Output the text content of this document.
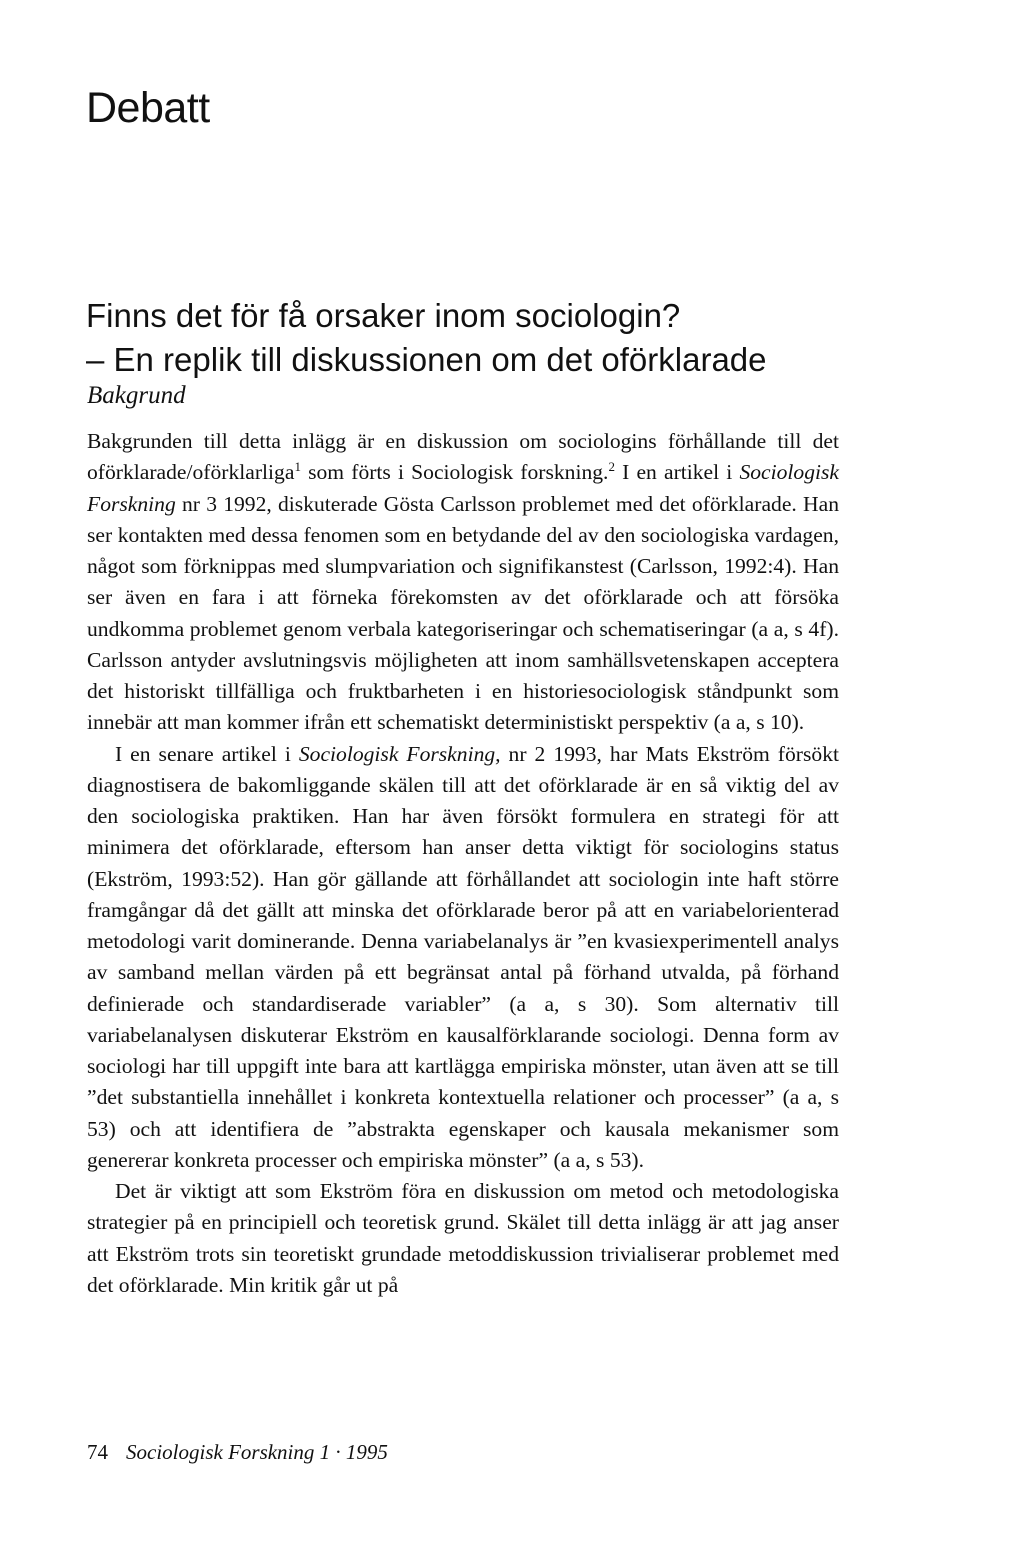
Debatt
Finns det för få orsaker inom sociologin?
– En replik till diskussionen om det oförklarade
Bakgrund

Bakgrunden till detta inlägg är en diskussion om sociologins förhållande till det oförklarade/oförklarliga$^1$ som förts i Sociologisk forskning.$^2$ I en artikel i Sociologisk Forskning nr 3 1992, diskuterade Gösta Carlsson problemet med det oförklarade. Han ser kontakten med dessa fenomen som en betydande del av den sociologiska vardagen, något som förknippas med slumpvariation och signifikanstest (Carlsson, 1992:4). Han ser även en fara i att förneka förekomsten av det oförklarade och att försöka undkomma problemet genom verbala kategoriseringar och schematiseringar (a a, s 4f). Carlsson antyder avslutningsvis möjligheten att inom samhällsvetenskapen acceptera det historiskt tillfälliga och fruktbarheten i en historiesociologisk ståndpunkt som innebär att man kommer ifrån ett schematiskt deterministiskt perspektiv (a a, s 10).

I en senare artikel i Sociologisk Forskning, nr 2 1993, har Mats Ekström försökt diagnostisera de bakomliggande skälen till att det oförklarade är en så viktig del av den sociologiska praktiken. Han har även försökt formulera en strategi för att minimera det oförklarade, eftersom han anser detta viktigt för sociologins status (Ekström, 1993:52). Han gör gällande att förhållandet att sociologin inte haft större framgångar då det gällt att minska det oförklarade beror på att en variabelorienterad metodologi varit dominerande. Denna variabelanalys är ”en kvasiexperimentell analys av samband mellan värden på ett begränsat antal på förhand utvalda, på förhand definierade och standardiserade variabler” (a a, s 30). Som alternativ till variabelanalysen diskuterar Ekström en kausalförklarande sociologi. Denna form av sociologi har till uppgift inte bara att kartlägga empiriska mönster, utan även att se till ”det substantiella innehållet i konkreta kontextuella relationer och processer” (a a, s 53) och att identifiera de ”abstrakta egenskaper och kausala mekanismer som genererar konkreta processer och empiriska mönster” (a a, s 53).

Det är viktigt att som Ekström föra en diskussion om metod och metodologiska strategier på en principiell och teoretisk grund. Skälet till detta inlägg är att jag anser att Ekström trots sin teoretiskt grundade metoddiskussion trivialiserar problemet med det oförklarade. Min kritik går ut på

74 Sociologisk Forskning 1 · 1995
